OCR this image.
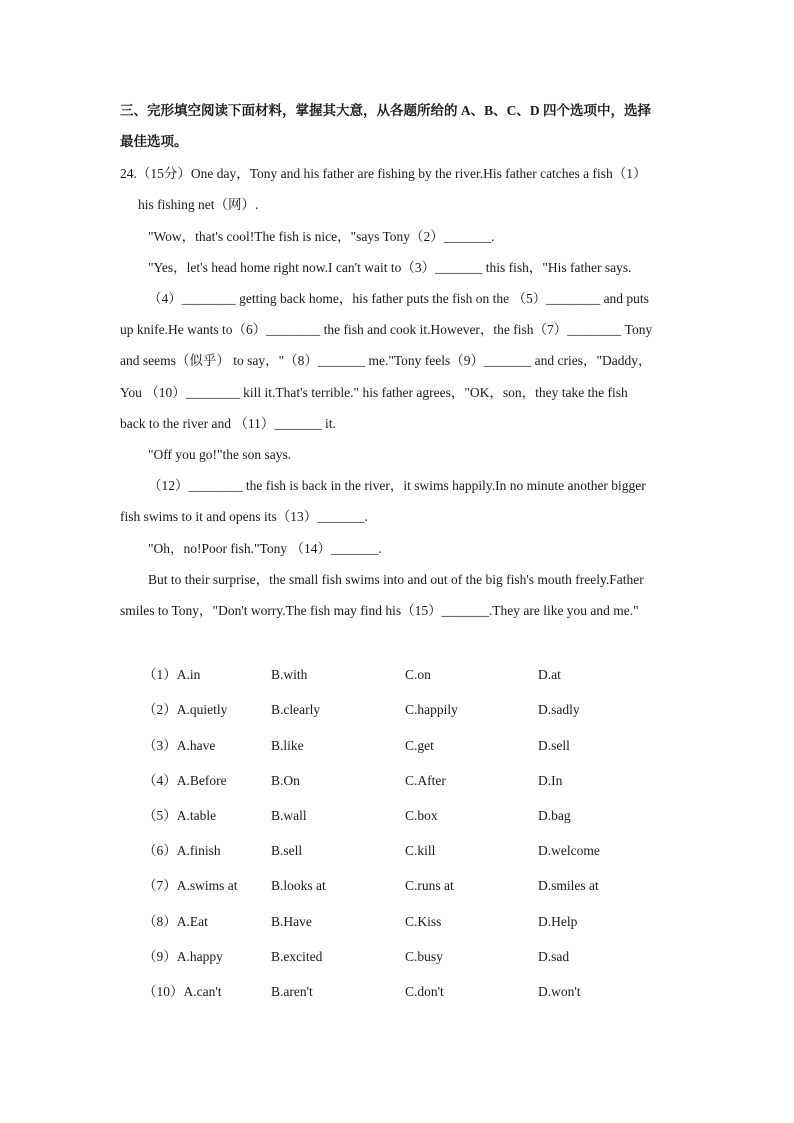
三、完形填空阅读下面材料，掌握其大意，从各题所给的 A、B、C、D 四个选项中，选择
最佳选项。
24.（15分）One day，Tony and his father are fishing by the river.His father catches a fish（1）
his fishing net（网）.
"Wow，that's cool!The fish is nice，"says Tony（2）_______.
"Yes，let's head home right now.I can't wait to（3）_______ this fish，"His father says.
（4）________ getting back home，his father puts the fish on the （5）________ and puts
up knife.He wants to（6）________ the fish and cook it.However，the fish（7）________ Tony
and seems（似乎） to say，"（8）_______ me."Tony feels（9）_______ and cries，"Daddy，
You （10）________ kill it.That's terrible." his father agrees，"OK，son，they take the fish
back to the river and （11）_______ it.
"Off you go!"the son says.
（12）________ the fish is back in the river，it swims happily.In no minute another bigger
fish swims to it and opens its（13）_______.
"Oh，no!Poor fish."Tony （14）_______.
But to their surprise，the small fish swims into and out of the big fish's mouth freely.Father
smiles to Tony，"Don't worry.The fish may find his（15）_______.They are like you and me."
（1）A.in	B.with	C.on	D.at
（2）A.quietly	B.clearly	C.happily	D.sadly
（3）A.have	B.like	C.get	D.sell
（4）A.Before	B.On	C.After	D.In
（5）A.table	B.wall	C.box	D.bag
（6）A.finish	B.sell	C.kill	D.welcome
（7）A.swims at B.looks at	C.runs at	D.smiles at
（8）A.Eat	B.Have	C.Kiss	D.Help
（9）A.happy	B.excited	C.busy	D.sad
（10）A.can't	B.aren't	C.don't	D.won't
